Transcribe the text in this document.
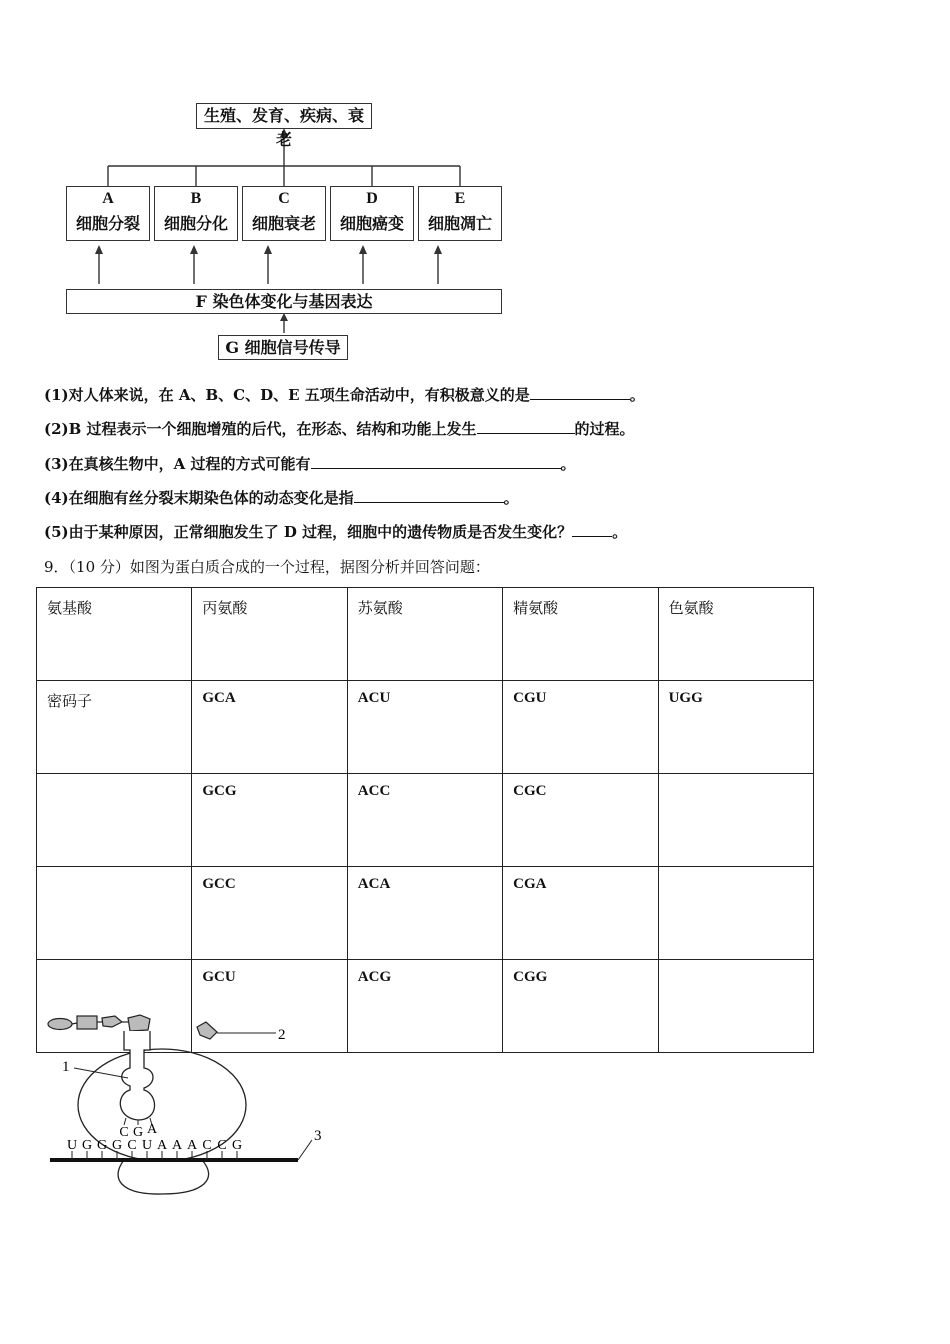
生殖、发育、疾病、衰老
A
细胞分裂
B
细胞分化
C
细胞衰老
D
细胞癌变
E
细胞凋亡
F 染色体变化与基因表达
G 细胞信号传导
(1)对人体来说，在 A、B、C、D、E 五项生命活动中，有积极意义的是	。
(2)B 过程表示一个细胞增殖的后代，在形态、结构和功能上发生	的过程。
(3)在真核生物中，A 过程的方式可能有	。
(4)在细胞有丝分裂末期染色体的动态变化是指	。
(5)由于某种原因，正常细胞发生了 D 过程，细胞中的遗传物质是否发生变化？	。
9．（10 分）如图为蛋白质合成的一个过程，据图分析并回答问题：
氨基酸	丙氨酸	苏氨酸	精氨酸	色氨酸
密码子	GCA	ACU	CGU	UGG
	GCG	ACC	CGC	
	GCC	ACA	CGA	
	GCU	ACG	CGG	
2
1
C G A	3
U G G G C U A A A C C G
